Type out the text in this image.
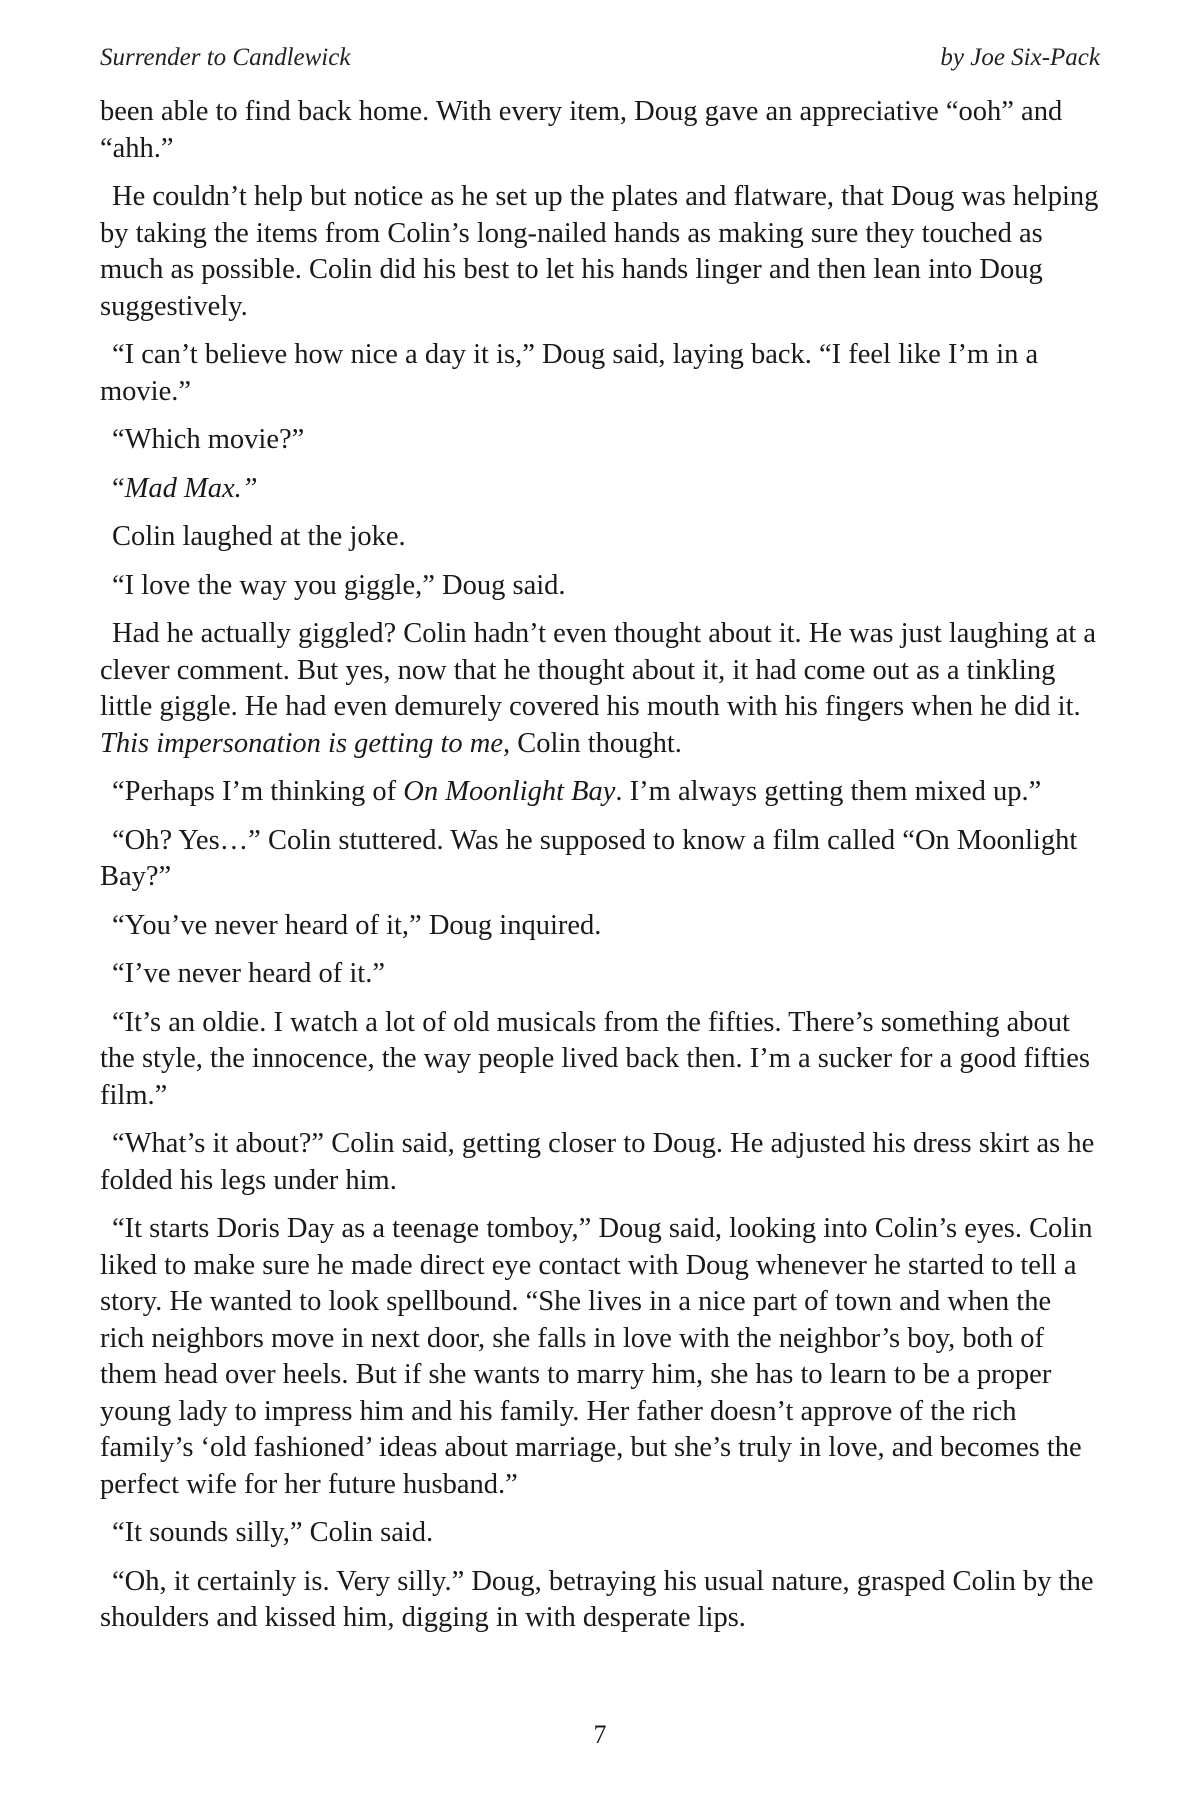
Surrender to Candlewick	by Joe Six-Pack

been able to find back home. With every item, Doug gave an appreciative “ooh” and “ahh.”

He couldn’t help but notice as he set up the plates and flatware, that Doug was helping by taking the items from Colin’s long-nailed hands as making sure they touched as much as possible. Colin did his best to let his hands linger and then lean into Doug suggestively.

“I can’t believe how nice a day it is,” Doug said, laying back. “I feel like I’m in a movie.”

“Which movie?”

“Mad Max.”

Colin laughed at the joke.

“I love the way you giggle,” Doug said.

Had he actually giggled? Colin hadn’t even thought about it. He was just laughing at a clever comment. But yes, now that he thought about it, it had come out as a tinkling little giggle. He had even demurely covered his mouth with his fingers when he did it. This impersonation is getting to me, Colin thought.

“Perhaps I’m thinking of On Moonlight Bay. I’m always getting them mixed up.”

“Oh? Yes…” Colin stuttered. Was he supposed to know a film called “On Moonlight Bay?”

“You’ve never heard of it,” Doug inquired.

“I’ve never heard of it.”

“It’s an oldie. I watch a lot of old musicals from the fifties. There’s something about the style, the innocence, the way people lived back then. I’m a sucker for a good fifties film.”

“What’s it about?” Colin said, getting closer to Doug. He adjusted his dress skirt as he folded his legs under him.

“It starts Doris Day as a teenage tomboy,” Doug said, looking into Colin’s eyes. Colin liked to make sure he made direct eye contact with Doug whenever he started to tell a story. He wanted to look spellbound. “She lives in a nice part of town and when the rich neighbors move in next door, she falls in love with the neighbor’s boy, both of them head over heels. But if she wants to marry him, she has to learn to be a proper young lady to impress him and his family. Her father doesn’t approve of the rich family’s ‘old fashioned’ ideas about marriage, but she’s truly in love, and becomes the perfect wife for her future husband.”

“It sounds silly,” Colin said.

“Oh, it certainly is. Very silly.” Doug, betraying his usual nature, grasped Colin by the shoulders and kissed him, digging in with desperate lips.

7
